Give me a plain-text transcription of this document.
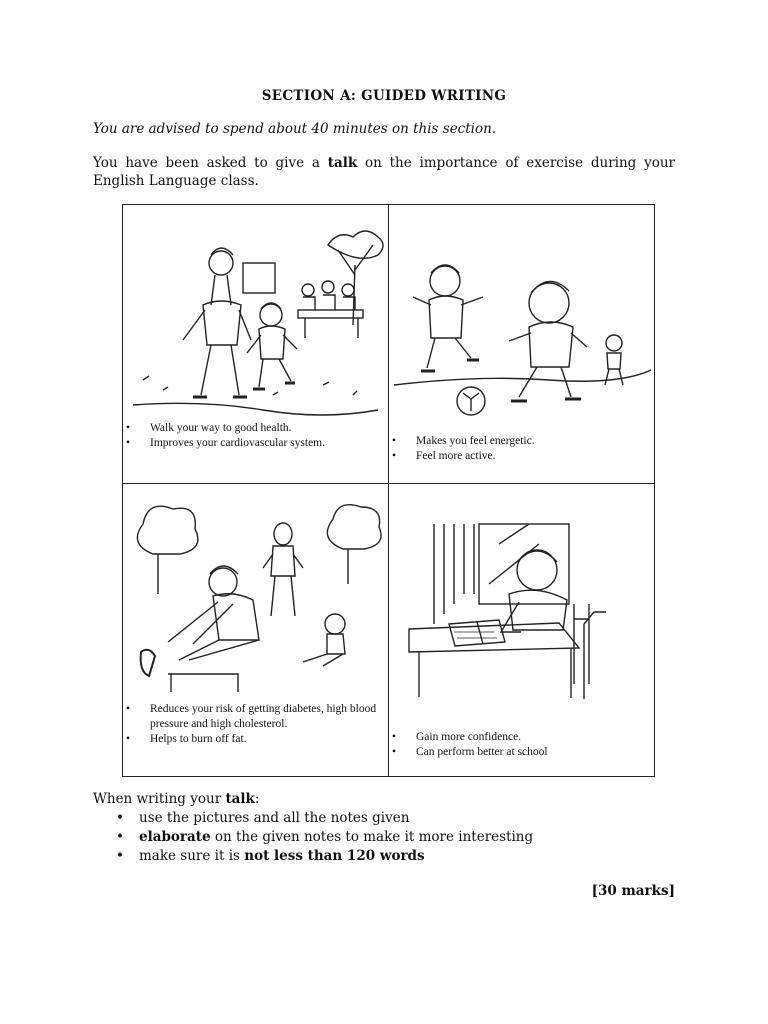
SECTION A: GUIDED WRITING
You are advised to spend about 40 minutes on this section.
You have been asked to give a talk on the importance of exercise during your English Language class.
• Walk your way to good health.
• Improves your cardiovascular system.	• Makes you feel energetic.
• Feel more active.
• Reduces your risk of getting diabetes, high blood pressure and high cholesterol.
• Helps to burn off fat.	• Gain more confidence.
• Can perform better at school
When writing your talk:
• use the pictures and all the notes given
• elaborate on the given notes to make it more interesting
• make sure it is not less than 120 words
[30 marks]
